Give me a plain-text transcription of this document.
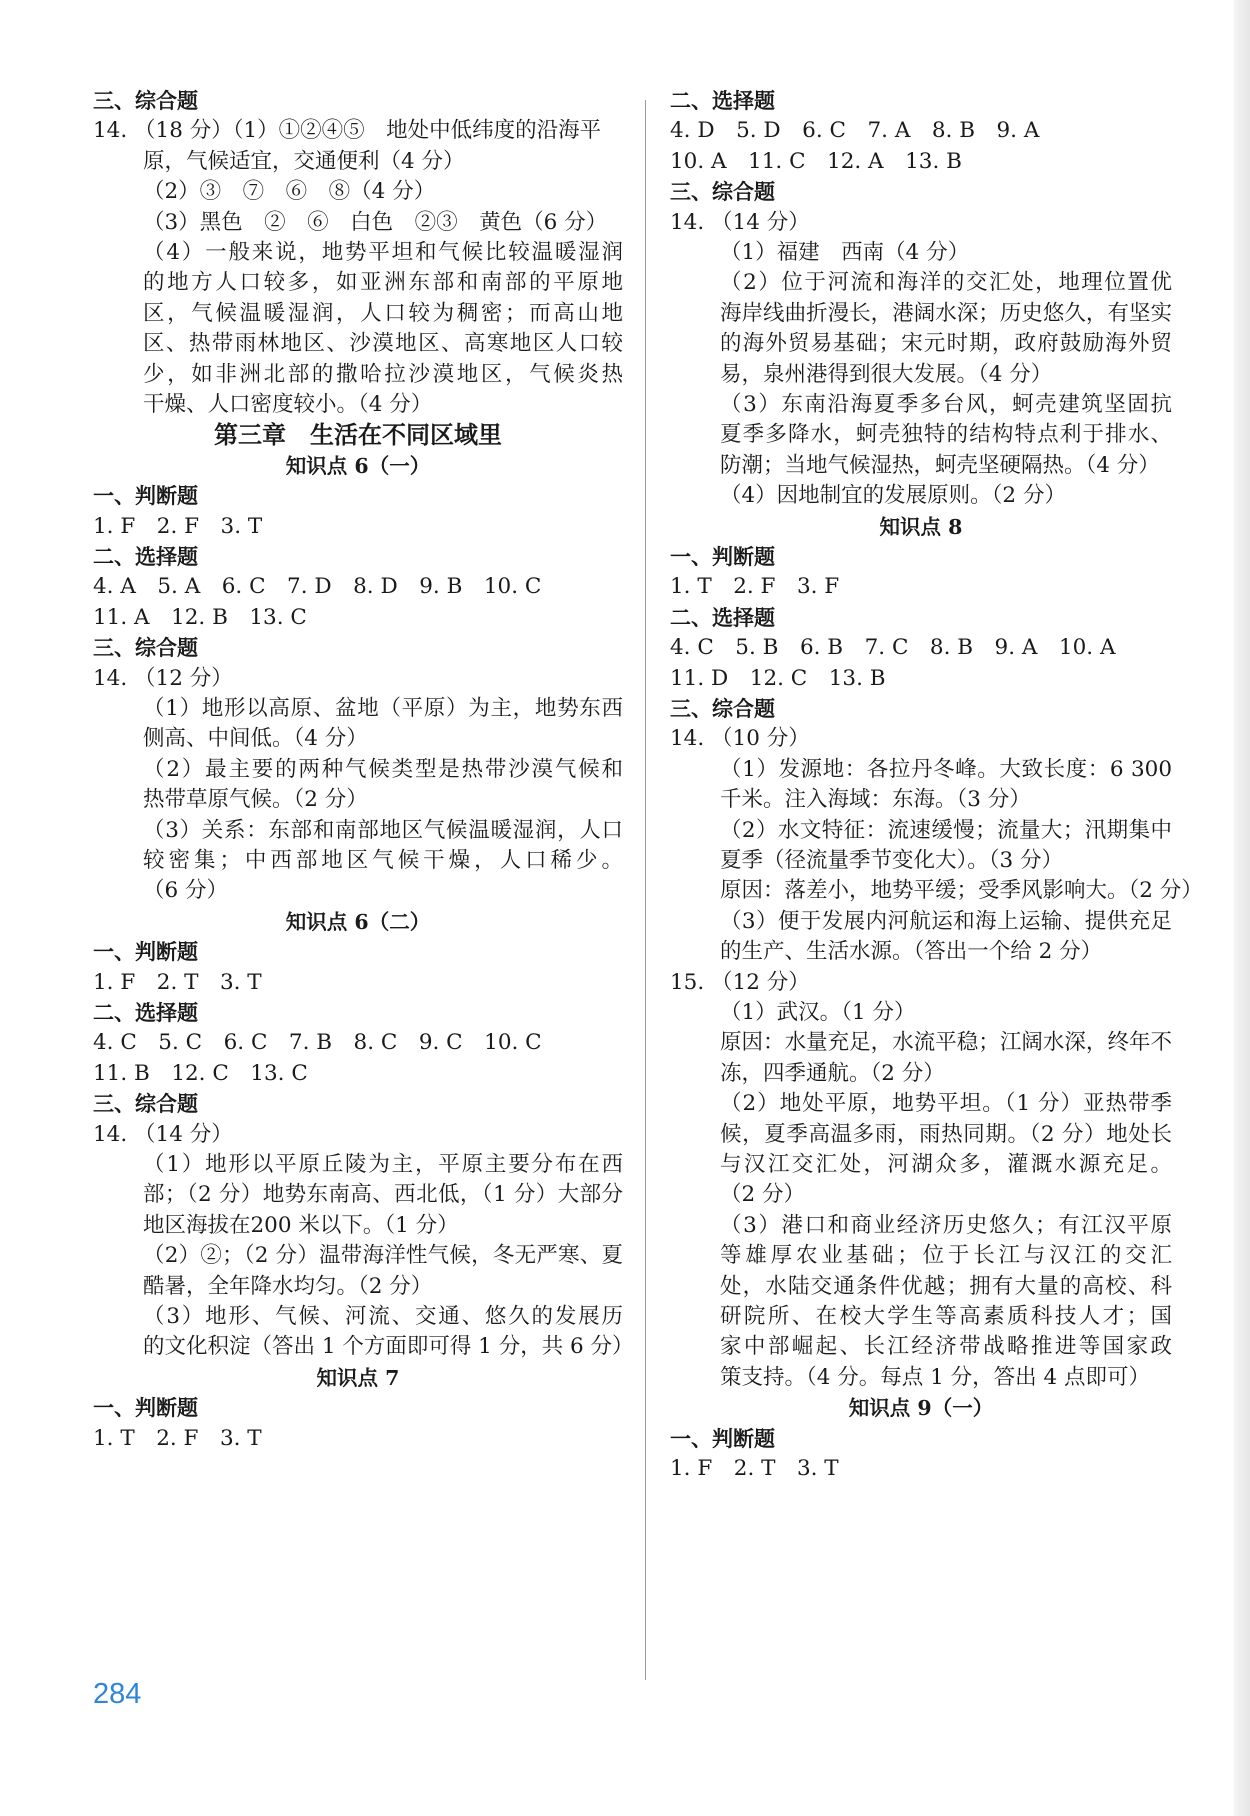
三、综合题
14. （18 分）（1）①②④⑤　地处中低纬度的沿海平
原，气候适宜，交通便利（4 分）
（2）③　⑦　⑥　⑧（4 分）
（3）黑色　②　⑥　白色　②③　黄色（6 分）
（4）一般来说，地势平坦和气候比较温暖湿润
的地方人口较多，如亚洲东部和南部的平原地
区，气候温暖湿润，人口较为稠密；而高山地
区、热带雨林地区、沙漠地区、高寒地区人口较
少，如非洲北部的撒哈拉沙漠地区，气候炎热
干燥、人口密度较小。（4 分）
第三章　生活在不同区域里
知识点 6（一）
一、判断题
1. F　2. F　3. T
二、选择题
4. A　5. A　6. C　7. D　8. D　9. B　10. C
11. A　12. B　13. C
三、综合题
14. （12 分）
（1）地形以高原、盆地（平原）为主，地势东西
侧高、中间低。（4 分）
（2）最主要的两种气候类型是热带沙漠气候和
热带草原气候。（2 分）
（3）关系：东部和南部地区气候温暖湿润，人口
较密集；中西部地区气候干燥，人口稀少。
（6 分）
知识点 6（二）
一、判断题
1. F　2. T　3. T
二、选择题
4. C　5. C　6. C　7. B　8. C　9. C　10. C
11. B　12. C　13. C
三、综合题
14. （14 分）
（1）地形以平原丘陵为主，平原主要分布在西
部；（2 分）地势东南高、西北低，（1 分）大部分
地区海拔在200 米以下。（1 分）
（2）②；（2 分）温带海洋性气候，冬无严寒、夏
酷暑，全年降水均匀。（2 分）
（3）地形、气候、河流、交通、悠久的发展历
的文化积淀（答出 1 个方面即可得 1 分，共 6 分）
知识点 7
一、判断题
1. T　2. F　3. T
二、选择题
4. D　5. D　6. C　7. A　8. B　9. A
10. A　11. C　12. A　13. B
三、综合题
14. （14 分）
（1）福建　西南（4 分）
（2）位于河流和海洋的交汇处，地理位置优
海岸线曲折漫长，港阔水深；历史悠久，有坚实
的海外贸易基础；宋元时期，政府鼓励海外贸
易，泉州港得到很大发展。（4 分）
（3）东南沿海夏季多台风，蚵壳建筑坚固抗
夏季多降水，蚵壳独特的结构特点利于排水、
防潮；当地气候湿热，蚵壳坚硬隔热。（4 分）
（4）因地制宜的发展原则。（2 分）
知识点 8
一、判断题
1. T　2. F　3. F
二、选择题
4. C　5. B　6. B　7. C　8. B　9. A　10. A
11. D　12. C　13. B
三、综合题
14. （10 分）
（1）发源地：各拉丹冬峰。大致长度：6 300
千米。注入海域：东海。（3 分）
（2）水文特征：流速缓慢；流量大；汛期集中
夏季（径流量季节变化大）。（3 分）
原因：落差小，地势平缓；受季风影响大。（2 分）
（3）便于发展内河航运和海上运输、提供充足
的生产、生活水源。（答出一个给 2 分）
15. （12 分）
（1）武汉。（1 分）
原因：水量充足，水流平稳；江阔水深，终年不
冻，四季通航。（2 分）
（2）地处平原，地势平坦。（1 分）亚热带季
候，夏季高温多雨，雨热同期。（2 分）地处长
与汉江交汇处，河湖众多，灌溉水源充足。
（2 分）
（3）港口和商业经济历史悠久；有江汉平原
等雄厚农业基础；位于长江与汉江的交汇
处，水陆交通条件优越；拥有大量的高校、科
研院所、在校大学生等高素质科技人才；国
家中部崛起、长江经济带战略推进等国家政
策支持。（4 分。每点 1 分，答出 4 点即可）
知识点 9（一）
一、判断题
1. F　2. T　3. T
284
